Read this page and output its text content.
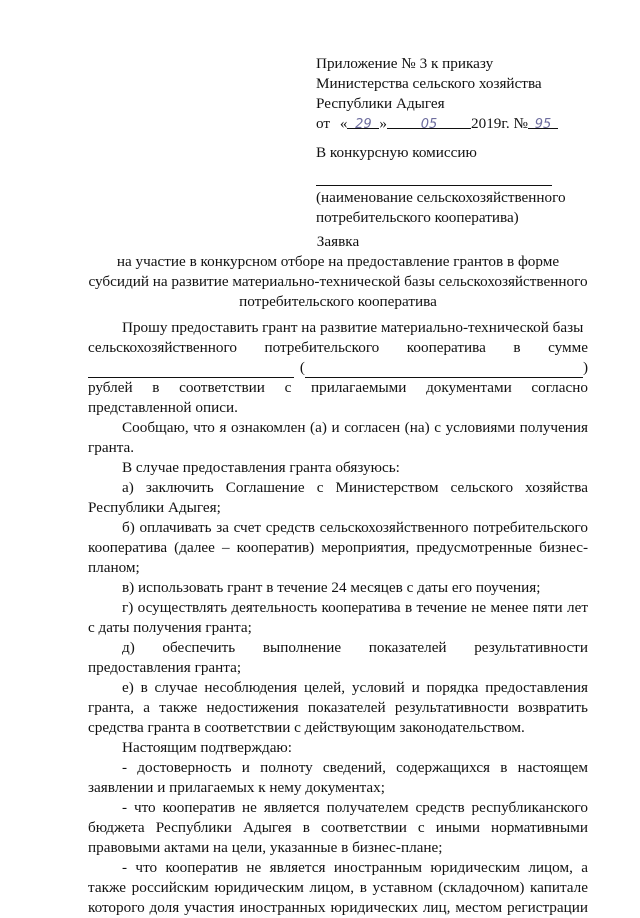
Приложение № 3 к приказу
Министерства сельского хозяйства
Республики Адыгея
от « 29 »	05 2019г. № 95
В конкурсную комиссию
(наименование сельскохозяйственного
потребительского кооператива)
Заявка
на участие в конкурсном отборе на предоставление грантов в форме
субсидий на развитие материально-технической базы сельскохозяйственного
потребительского кооператива

Прошу предоставить грант на развитие материально-технической базы

сельскохозяйственного потребительского кооператива в сумме
(	)
рублей в соответствии с прилагаемыми документами согласно

представленной описи.

Сообщаю, что я ознакомлен (а) и согласен (на) с условиями получения гранта.

В случае предоставления гранта обязуюсь:

а) заключить Соглашение с Министерством сельского хозяйства Республики Адыгея;

б) оплачивать за счет средств сельскохозяйственного потребительского кооператива (далее – кооператив) мероприятия, предусмотренные бизнес-планом;

в) использовать грант в течение 24 месяцев с даты его поучения;

г) осуществлять деятельность кооператива в течение не менее пяти лет с даты получения гранта;

д) обеспечить выполнение показателей результативности

предоставления гранта;

е) в случае несоблюдения целей, условий и порядка предоставления гранта, а также недостижения показателей результативности возвратить средства гранта в соответствии с действующим законодательством.

Настоящим подтверждаю:

- достоверность и полноту сведений, содержащихся в настоящем заявлении и прилагаемых к нему документах;

- что кооператив не является получателем средств республиканского бюджета Республики Адыгея в соответствии с иными нормативными правовыми актами на цели, указанные в бизнес-плане;

- что кооператив не является иностранным юридическим лицом, а также российским юридическим лицом, в уставном (складочном) капитале которого доля участия иностранных юридических лиц, местом регистрации
